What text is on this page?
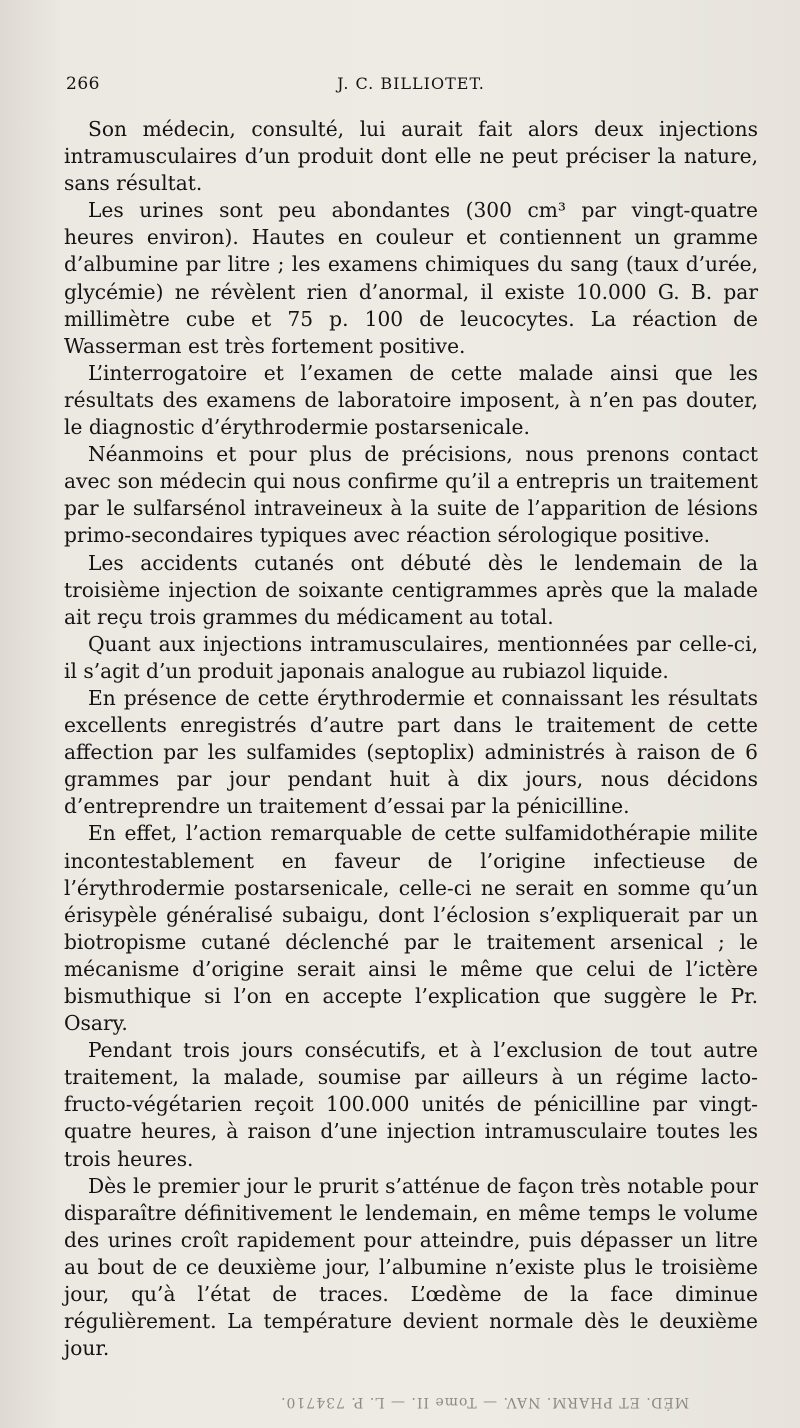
266	J. C. BILLIOTET.

Son médecin, consulté, lui aurait fait alors deux injections intramusculaires d’un produit dont elle ne peut préciser la nature, sans résultat.

Les urines sont peu abondantes (300 cm³ par vingt-quatre heures environ). Hautes en couleur et contiennent un gramme d’albumine par litre ; les examens chimiques du sang (taux d’urée, glycémie) ne révèlent rien d’anormal, il existe 10.000 G. B. par millimètre cube et 75 p. 100 de leucocytes. La réaction de Wasserman est très fortement positive.

L’interrogatoire et l’examen de cette malade ainsi que les résultats des examens de laboratoire imposent, à n’en pas douter, le diagnostic d’érythrodermie postarsenicale.

Néanmoins et pour plus de précisions, nous prenons contact avec son médecin qui nous confirme qu’il a entrepris un traitement par le sulfarsénol intraveineux à la suite de l’apparition de lésions primo-secondaires typiques avec réaction sérologique positive.

Les accidents cutanés ont débuté dès le lendemain de la troisième injection de soixante centigrammes après que la malade ait reçu trois grammes du médicament au total.

Quant aux injections intramusculaires, mentionnées par celle-ci, il s’agit d’un produit japonais analogue au rubiazol liquide.

En présence de cette érythrodermie et connaissant les résultats excellents enregistrés d’autre part dans le traitement de cette affection par les sulfamides (septoplix) administrés à raison de 6 grammes par jour pendant huit à dix jours, nous décidons d’entreprendre un traitement d’essai par la pénicilline.

En effet, l’action remarquable de cette sulfamidothérapie milite incontestablement en faveur de l’origine infectieuse de l’érythrodermie postarsenicale, celle-ci ne serait en somme qu’un érisypèle généralisé subaigu, dont l’éclosion s’expliquerait par un biotropisme cutané déclenché par le traitement arsenical ; le mécanisme d’origine serait ainsi le même que celui de l’ictère bismuthique si l’on en accepte l’explication que suggère le Pr. Osary.

Pendant trois jours consécutifs, et à l’exclusion de tout autre traitement, la malade, soumise par ailleurs à un régime lacto-fructo-végétarien reçoit 100.000 unités de pénicilline par vingt-quatre heures, à raison d’une injection intramusculaire toutes les trois heures.

Dès le premier jour le prurit s’atténue de façon très notable pour disparaître définitivement le lendemain, en même temps le volume des urines croît rapidement pour atteindre, puis dépasser un litre au bout de ce deuxième jour, l’albumine n’existe plus le troisième jour, qu’à l’état de traces. L’œdème de la face diminue régulièrement. La température devient normale dès le deuxième jour.

MÉD. ET PHARM. NAV. — Tome II. — L. P. 734710.
